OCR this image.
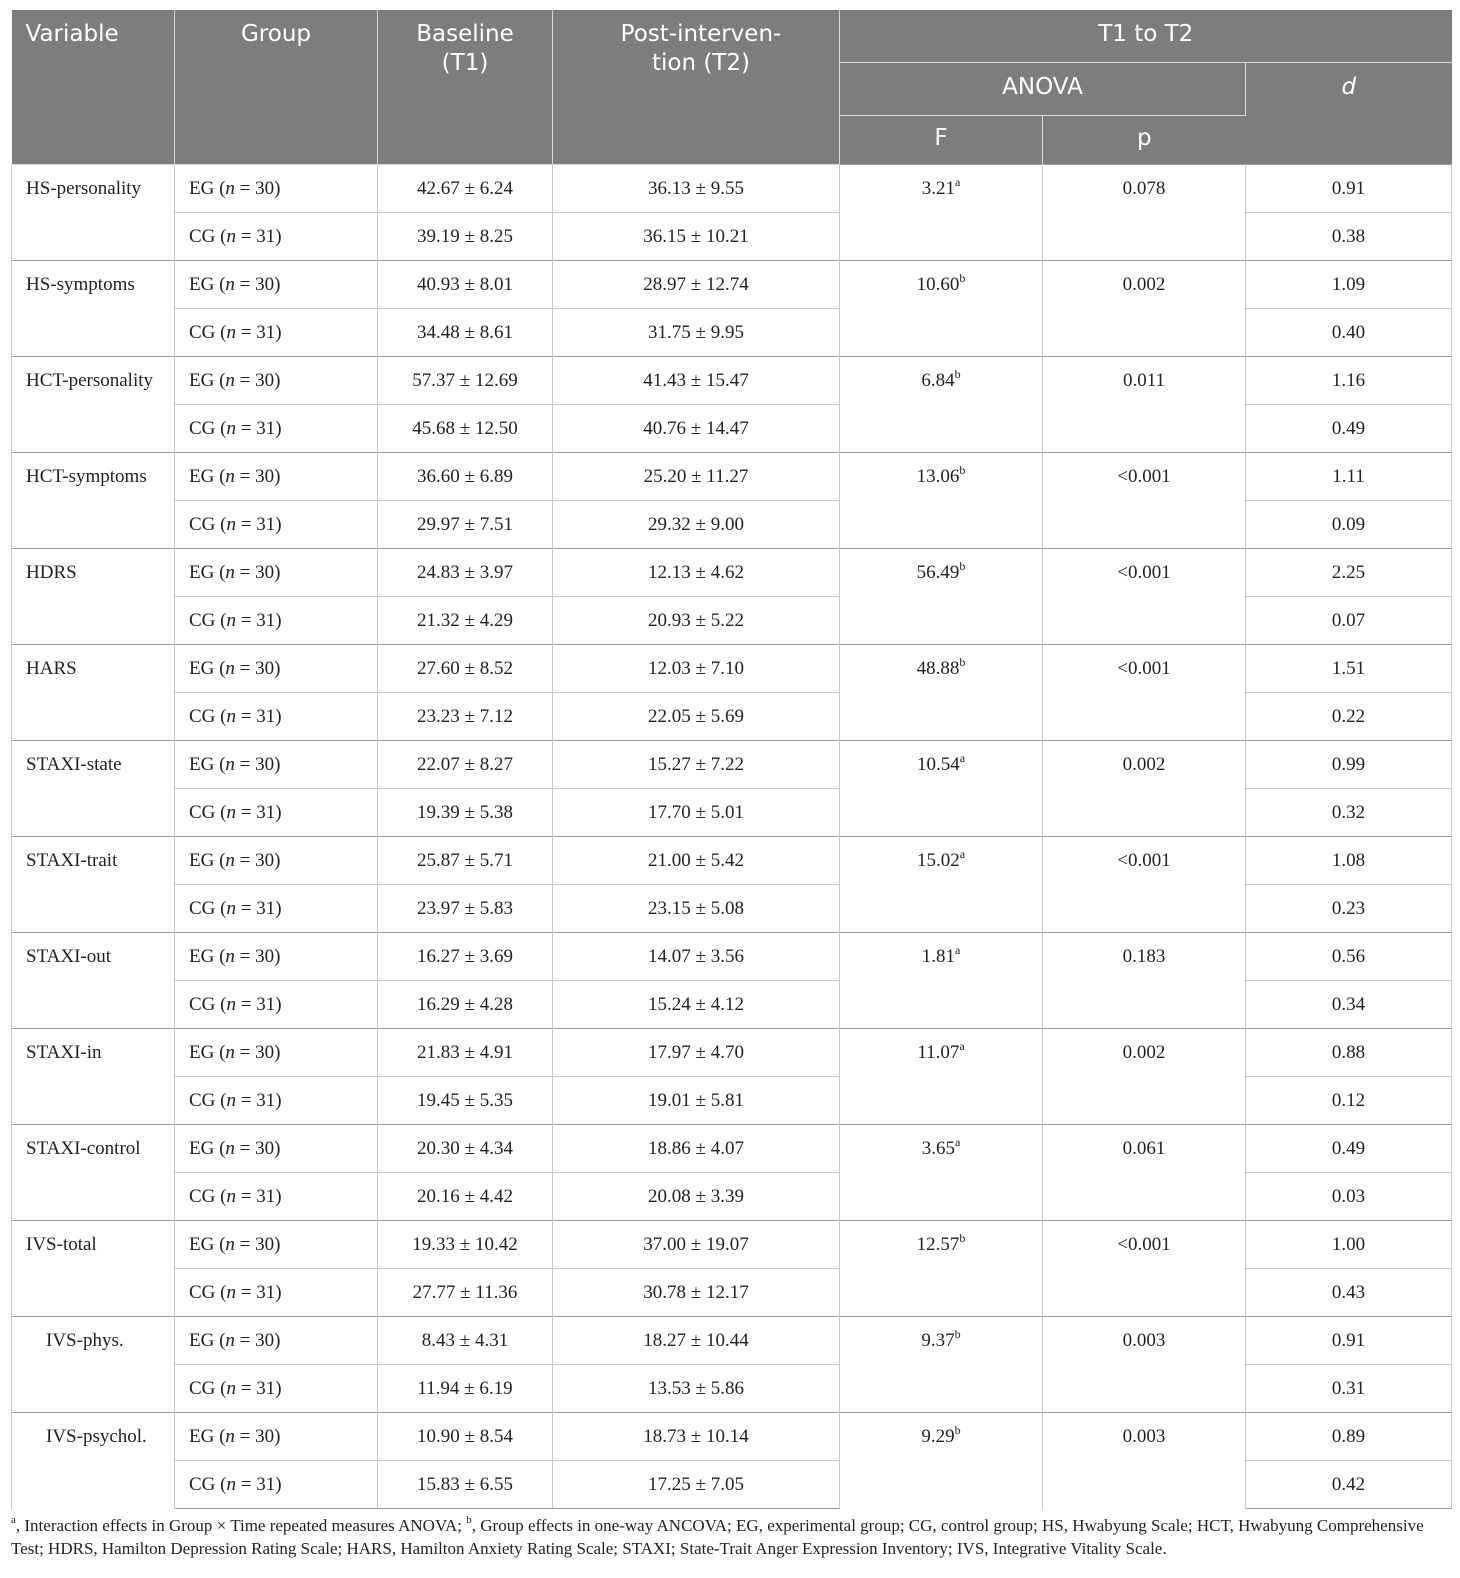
Variable	Group	Baseline (T1)	Post-interven-tion (T2)	T1 to T2		
				ANOVA		d
				F	p	

HS-personality	EG (n = 30)	42.67 ± 6.24	36.13 ± 9.55	3.21$^a$	0.078	0.91

	CG (n = 31)	39.19 ± 8.25	36.15 ± 10.21			0.38

HS-symptoms	EG (n = 30)	40.93 ± 8.01	28.97 ± 12.74	10.60$^b$	0.002	1.09

	CG (n = 31)	34.48 ± 8.61	31.75 ± 9.95			0.40

HCT-personality	EG (n = 30)	57.37 ± 12.69	41.43 ± 15.47	6.84$^b$	0.011	1.16

	CG (n = 31)	45.68 ± 12.50	40.76 ± 14.47			0.49

HCT-symptoms	EG (n = 30)	36.60 ± 6.89	25.20 ± 11.27	13.06$^b$	<0.001	1.11

	CG (n = 31)	29.97 ± 7.51	29.32 ± 9.00			0.09

HDRS	EG (n = 30)	24.83 ± 3.97	12.13 ± 4.62	56.49$^b$	<0.001	2.25

	CG (n = 31)	21.32 ± 4.29	20.93 ± 5.22			0.07

HARS	EG (n = 30)	27.60 ± 8.52	12.03 ± 7.10	48.88$^b$	<0.001	1.51

	CG (n = 31)	23.23 ± 7.12	22.05 ± 5.69			0.22

STAXI-state	EG (n = 30)	22.07 ± 8.27	15.27 ± 7.22	10.54$^a$	0.002	0.99

	CG (n = 31)	19.39 ± 5.38	17.70 ± 5.01			0.32

STAXI-trait	EG (n = 30)	25.87 ± 5.71	21.00 ± 5.42	15.02$^a$	<0.001	1.08

	CG (n = 31)	23.97 ± 5.83	23.15 ± 5.08			0.23

STAXI-out	EG (n = 30)	16.27 ± 3.69	14.07 ± 3.56	1.81$^a$	0.183	0.56

	CG (n = 31)	16.29 ± 4.28	15.24 ± 4.12			0.34

STAXI-in	EG (n = 30)	21.83 ± 4.91	17.97 ± 4.70	11.07$^a$	0.002	0.88

	CG (n = 31)	19.45 ± 5.35	19.01 ± 5.81			0.12

STAXI-control	EG (n = 30)	20.30 ± 4.34	18.86 ± 4.07	3.65$^a$	0.061	0.49

	CG (n = 31)	20.16 ± 4.42	20.08 ± 3.39			0.03

IVS-total	EG (n = 30)	19.33 ± 10.42	37.00 ± 19.07	12.57$^b$	<0.001	1.00

	CG (n = 31)	27.77 ± 11.36	30.78 ± 12.17			0.43

IVS-phys.	EG (n = 30)	8.43 ± 4.31	18.27 ± 10.44	9.37$^b$	0.003	0.91

	CG (n = 31)	11.94 ± 6.19	13.53 ± 5.86			0.31

IVS-psychol.	EG (n = 30)	10.90 ± 8.54	18.73 ± 10.14	9.29$^b$	0.003	0.89

	CG (n = 31)	15.83 ± 6.55	17.25 ± 7.05			0.42
$^a$, Interaction effects in Group × Time repeated measures ANOVA; $^b$, Group effects in one-way ANCOVA; EG, experimental group; CG, control group; HS, Hwabyung Scale; HCT, Hwabyung Comprehensive Test; HDRS, Hamilton Depression Rating Scale; HARS, Hamilton Anxiety Rating Scale; STAXI; State-Trait Anger Expression Inventory; IVS, Integrative Vitality Scale.
